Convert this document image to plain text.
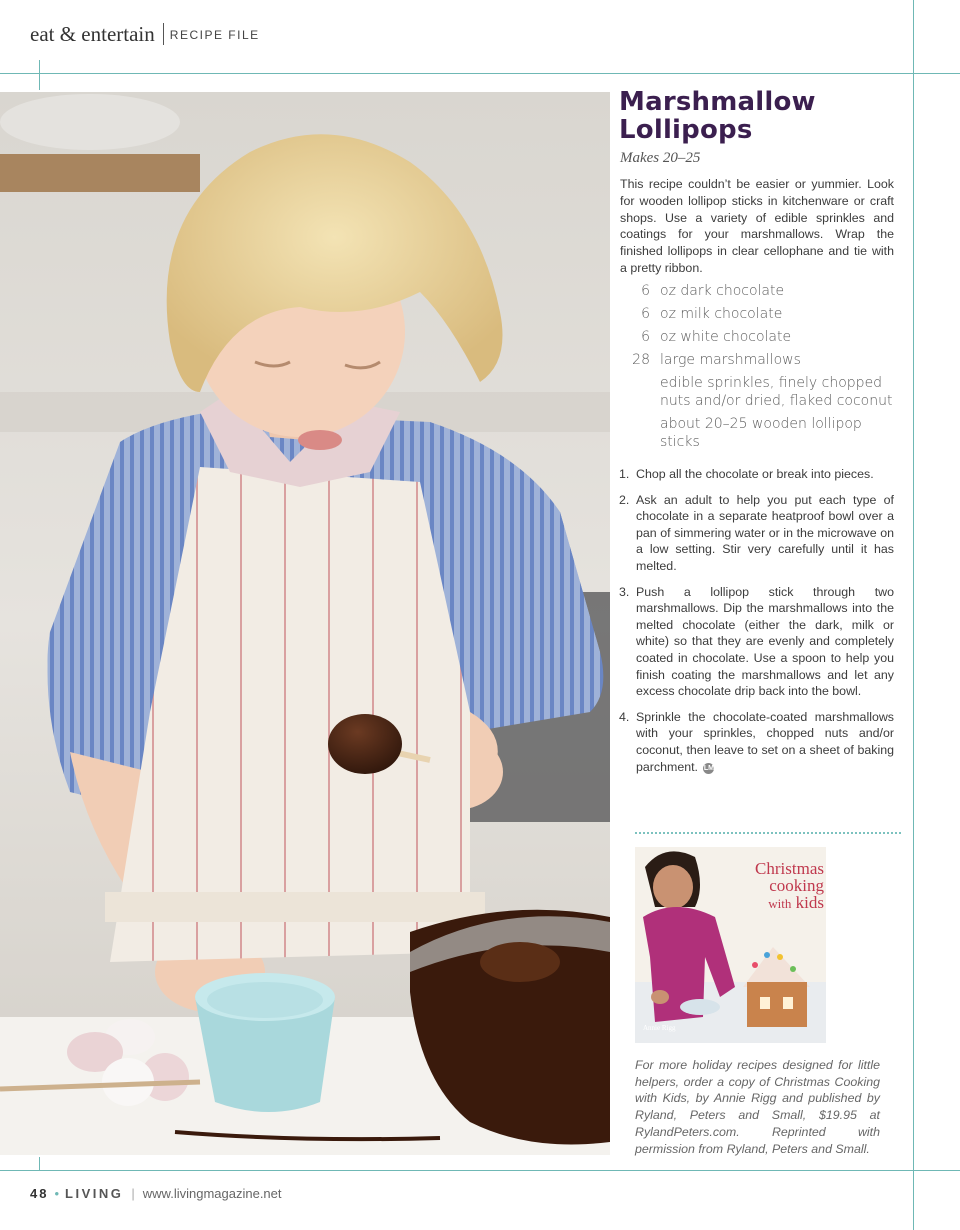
eat & entertain RECIPE FILE
Marshmallow
Lollipops
Makes 20–25

This recipe couldn’t be easier or yummier. Look for wooden lollipop sticks in kitchenware or craft shops. Use a variety of edible sprinkles and coatings for your marshmallows. Wrap the finished lollipops in clear cellophane and tie with a pretty ribbon.

6 oz dark chocolate
6 oz milk chocolate
6 oz white chocolate
28 large marshmallows
edible sprinkles, finely chopped nuts and/or dried, flaked coconut
about 20–25 wooden lollipop sticks
1. Chop all the chocolate or break into pieces.
2. Ask an adult to help you put each type of chocolate in a separate heatproof bowl over a pan of simmering water or in the microwave on a low setting. Stir very carefully until it has melted.
3. Push a lollipop stick through two marshmallows. Dip the marshmallows into the melted chocolate (either the dark, milk or white) so that they are evenly and completely coated in chocolate. Use a spoon to help you finish coating the marshmallows and let any excess chocolate drip back into the bowl.
4. Sprinkle the chocolate-coated marshmallows with your sprinkles, chopped nuts and/or coconut, then leave to set on a sheet of baking parchment. LM
Christmas
cooking
with kids
Annie Rigg

For more holiday recipes designed for little helpers, order a copy of Christmas Cooking with Kids, by Annie Rigg and published by Ryland, Peters and Small, $19.95 at RylandPeters.com. Reprinted with permission from Ryland, Peters and Small.

48 • LIVING | www.livingmagazine.net
